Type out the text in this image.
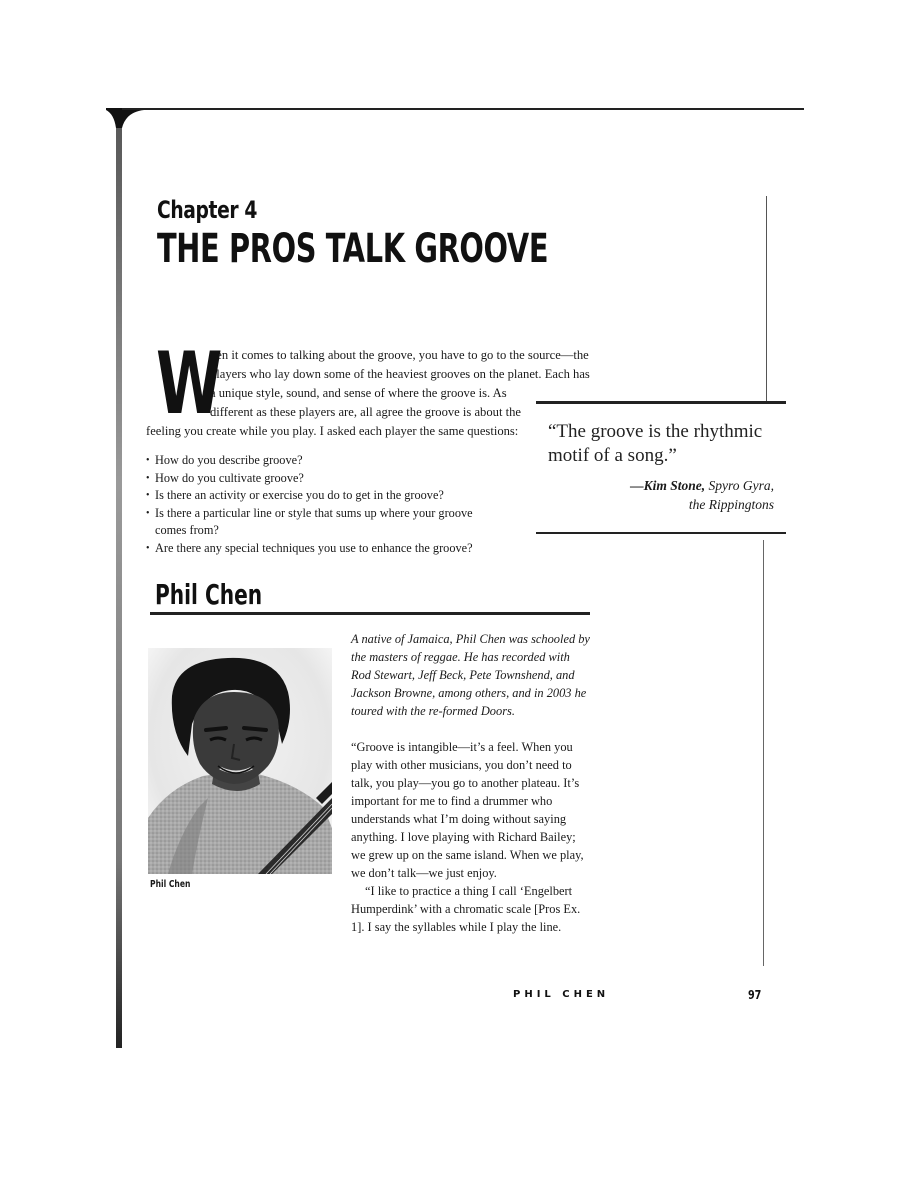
Chapter 4
THE PROS TALK GROOVE
W

hen it comes to talking about the groove, you have to go to the source—the
players who lay down some of the heaviest grooves on the planet. Each has
a unique style, sound, and sense of where the groove is. As
different as these players are, all agree the groove is about the
feeling you create while you play. I asked each player the same questions:

• How do you describe groove?
• How do you cultivate groove?
• Is there an activity or exercise you do to get in the groove?
• Is there a particular line or style that sums up where your groove comes from?
• Are there any special techniques you use to enhance the groove?
“The groove is the rhythmic motif of a song.”
—Kim Stone, Spyro Gyra,
the Rippingtons
Phil Chen
Phil Chen
A native of Jamaica, Phil Chen was schooled by the masters of reggae. He has recorded with Rod Stewart, Jeff Beck, Pete Townshend, and Jackson Browne, among others, and in 2003 he toured with the re-formed Doors.

“Groove is intangible—it’s a feel. When you play with other musicians, you don’t need to talk, you play—you go to another plateau. It’s important for me to find a drummer who understands what I’m doing without saying anything. I love playing with Richard Bailey; we grew up on the same island. When we play, we don’t talk—we just enjoy.

“I like to practice a thing I call ‘Engelbert Humperdink’ with a chromatic scale [Pros Ex. 1]. I say the syllables while I play the line.

PHIL CHEN	97
